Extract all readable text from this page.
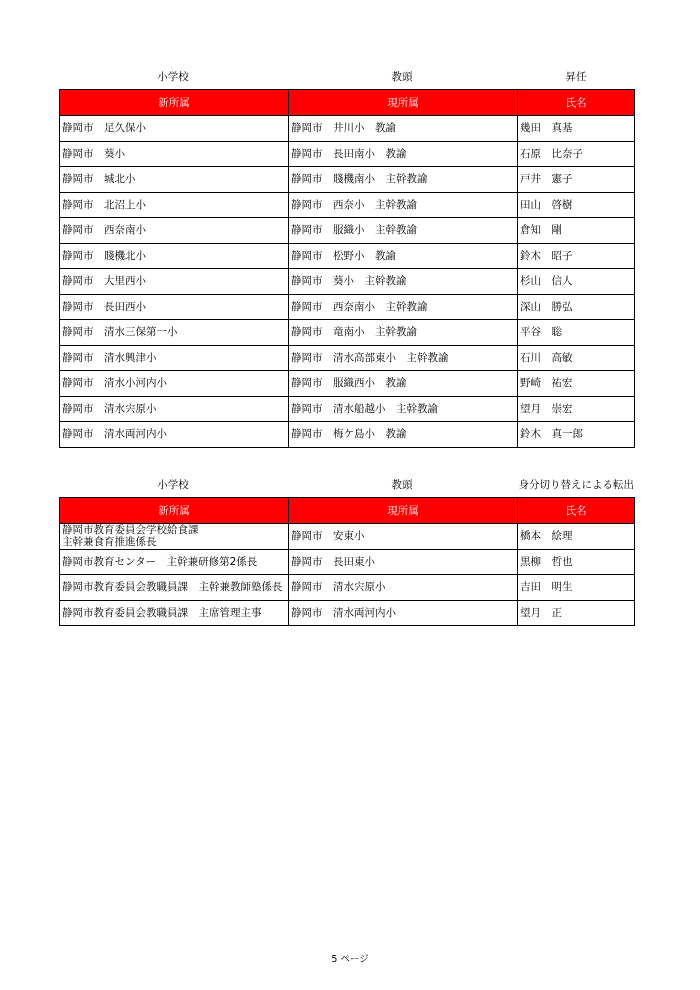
小学校	教頭	昇任
新所属	現所属	氏名
静岡市　足久保小	静岡市　井川小　教諭	幾田　真基
静岡市　葵小	静岡市　長田南小　教諭	石原　比奈子
静岡市　城北小	静岡市　賤機南小　主幹教諭	戸井　憲子
静岡市　北沼上小	静岡市　西奈小　主幹教諭	田山　啓樹
静岡市　西奈南小	静岡市　服織小　主幹教諭	倉知　剛
静岡市　賤機北小	静岡市　松野小　教諭	鈴木　昭子
静岡市　大里西小	静岡市　葵小　主幹教諭	杉山　信人
静岡市　長田西小	静岡市　西奈南小　主幹教諭	深山　勝弘
静岡市　清水三保第一小	静岡市　竜南小　主幹教諭	平谷　聡
静岡市　清水興津小	静岡市　清水高部東小　主幹教諭	石川　高敏
静岡市　清水小河内小	静岡市　服織西小　教諭	野崎　祐宏
静岡市　清水宍原小	静岡市　清水船越小　主幹教諭	望月　崇宏
静岡市　清水両河内小	静岡市　梅ケ島小　教諭	鈴木　真一郎
小学校	教頭	身分切り替えによる転出
新所属	現所属	氏名
静岡市教育委員会学校給食課
主幹兼食育推進係長	静岡市　安東小	橋本　絵理
静岡市教育センター　主幹兼研修第2係長	静岡市　長田東小	黒柳　哲也
静岡市教育委員会教職員課　主幹兼教師塾係長	静岡市　清水宍原小	吉田　明生
静岡市教育委員会教職員課　主席管理主事	静岡市　清水両河内小	望月　正
5 ページ
